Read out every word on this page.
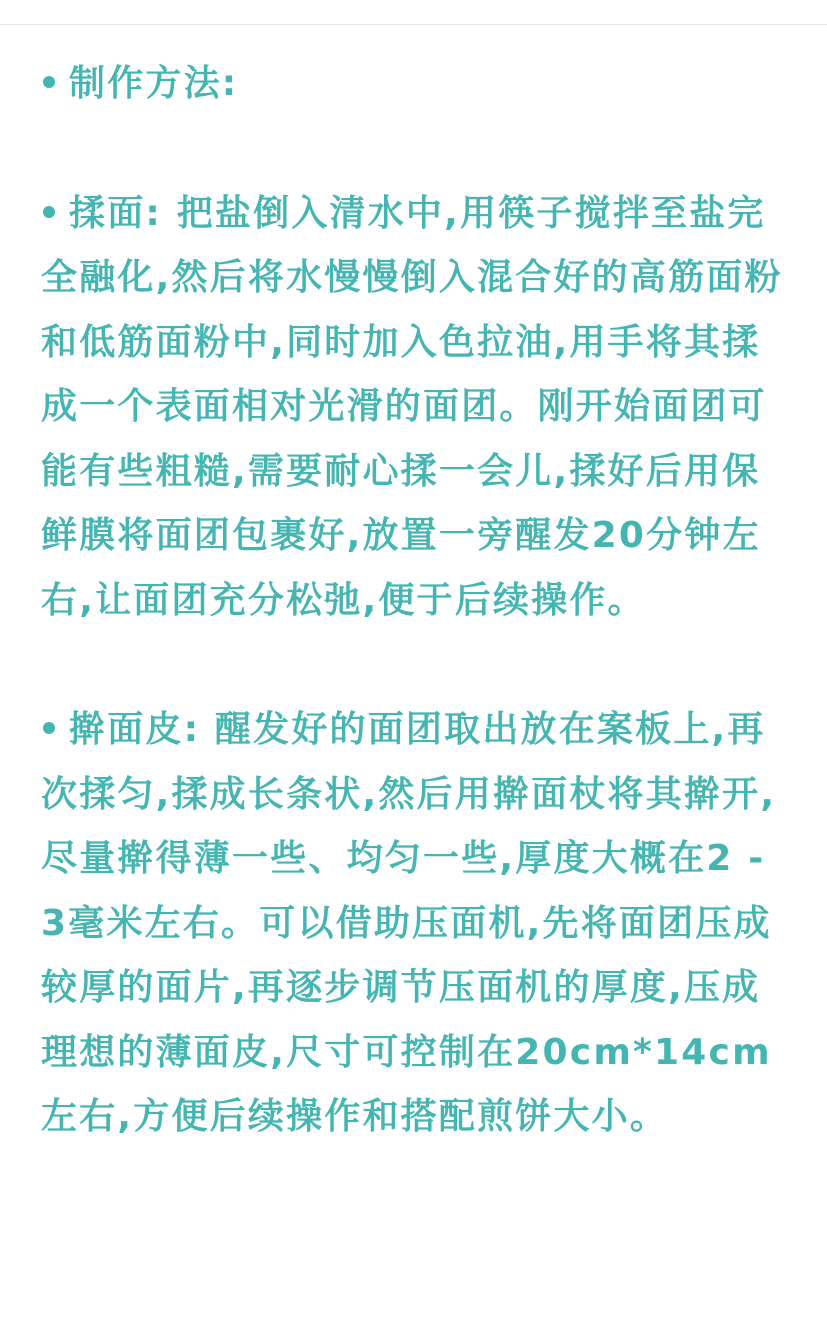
制作方法:

揉面: 把盐倒入清水中,用筷子搅拌至盐完全融化,然后将水慢慢倒入混合好的高筋面粉和低筋面粉中,同时加入色拉油,用手将其揉成一个表面相对光滑的面团。刚开始面团可能有些粗糙,需要耐心揉一会儿,揉好后用保鲜膜将面团包裹好,放置一旁醒发20分钟左右,让面团充分松弛,便于后续操作。

擀面皮: 醒发好的面团取出放在案板上,再次揉匀,揉成长条状,然后用擀面杖将其擀开,尽量擀得薄一些、均匀一些,厚度大概在2 - 3毫米左右。可以借助压面机,先将面团压成较厚的面片,再逐步调节压面机的厚度,压成理想的薄面皮,尺寸可控制在20cm*14cm左右,方便后续操作和搭配煎饼大小。
